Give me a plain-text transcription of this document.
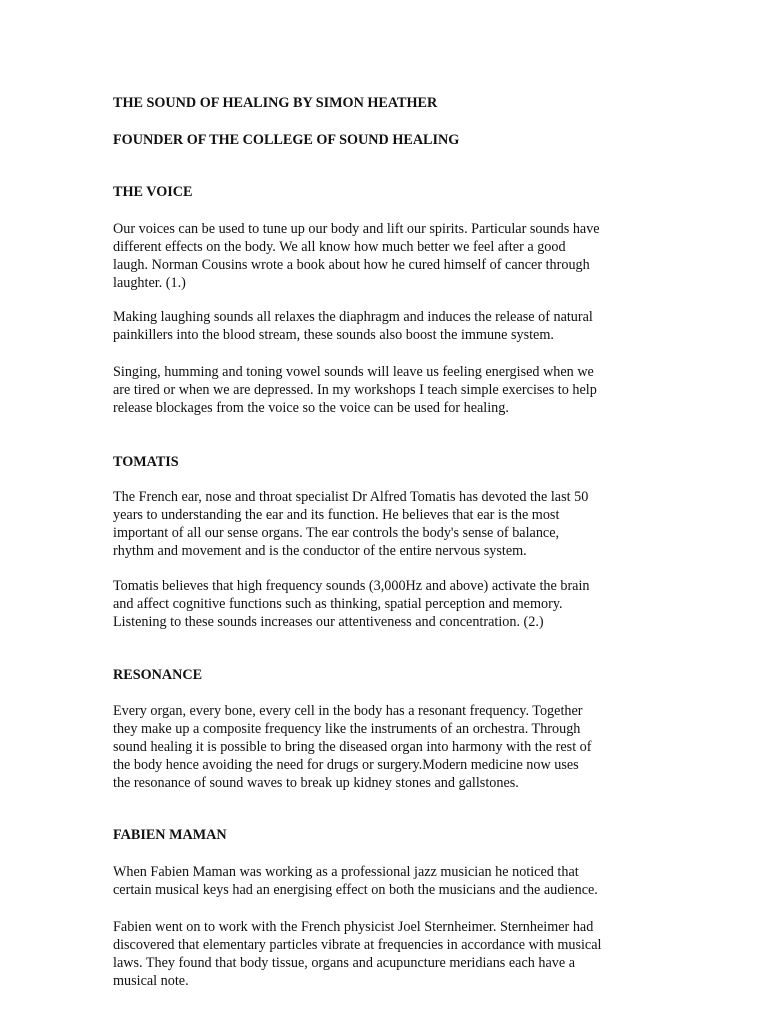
THE SOUND OF HEALING BY SIMON HEATHER

FOUNDER OF THE COLLEGE OF SOUND HEALING

THE VOICE

Our voices can be used to tune up our body and lift our spirits. Particular sounds have
different effects on the body. We all know how much better we feel after a good
laugh. Norman Cousins wrote a book about how he cured himself of cancer through
laughter. (1.)

Making laughing sounds all relaxes the diaphragm and induces the release of natural
painkillers into the blood stream, these sounds also boost the immune system.

Singing, humming and toning vowel sounds will leave us feeling energised when we
are tired or when we are depressed. In my workshops I teach simple exercises to help
release blockages from the voice so the voice can be used for healing.

TOMATIS

The French ear, nose and throat specialist Dr Alfred Tomatis has devoted the last 50
years to understanding the ear and its function. He believes that ear is the most
important of all our sense organs. The ear controls the body's sense of balance,
rhythm and movement and is the conductor of the entire nervous system.

Tomatis believes that high frequency sounds (3,000Hz and above) activate the brain
and affect cognitive functions such as thinking, spatial perception and memory.
Listening to these sounds increases our attentiveness and concentration. (2.)

RESONANCE

Every organ, every bone, every cell in the body has a resonant frequency. Together
they make up a composite frequency like the instruments of an orchestra. Through
sound healing it is possible to bring the diseased organ into harmony with the rest of
the body hence avoiding the need for drugs or surgery.Modern medicine now uses
the resonance of sound waves to break up kidney stones and gallstones.

FABIEN MAMAN

When Fabien Maman was working as a professional jazz musician he noticed that
certain musical keys had an energising effect on both the musicians and the audience.

Fabien went on to work with the French physicist Joel Sternheimer. Sternheimer had
discovered that elementary particles vibrate at frequencies in accordance with musical
laws. They found that body tissue, organs and acupuncture meridians each have a
musical note.
